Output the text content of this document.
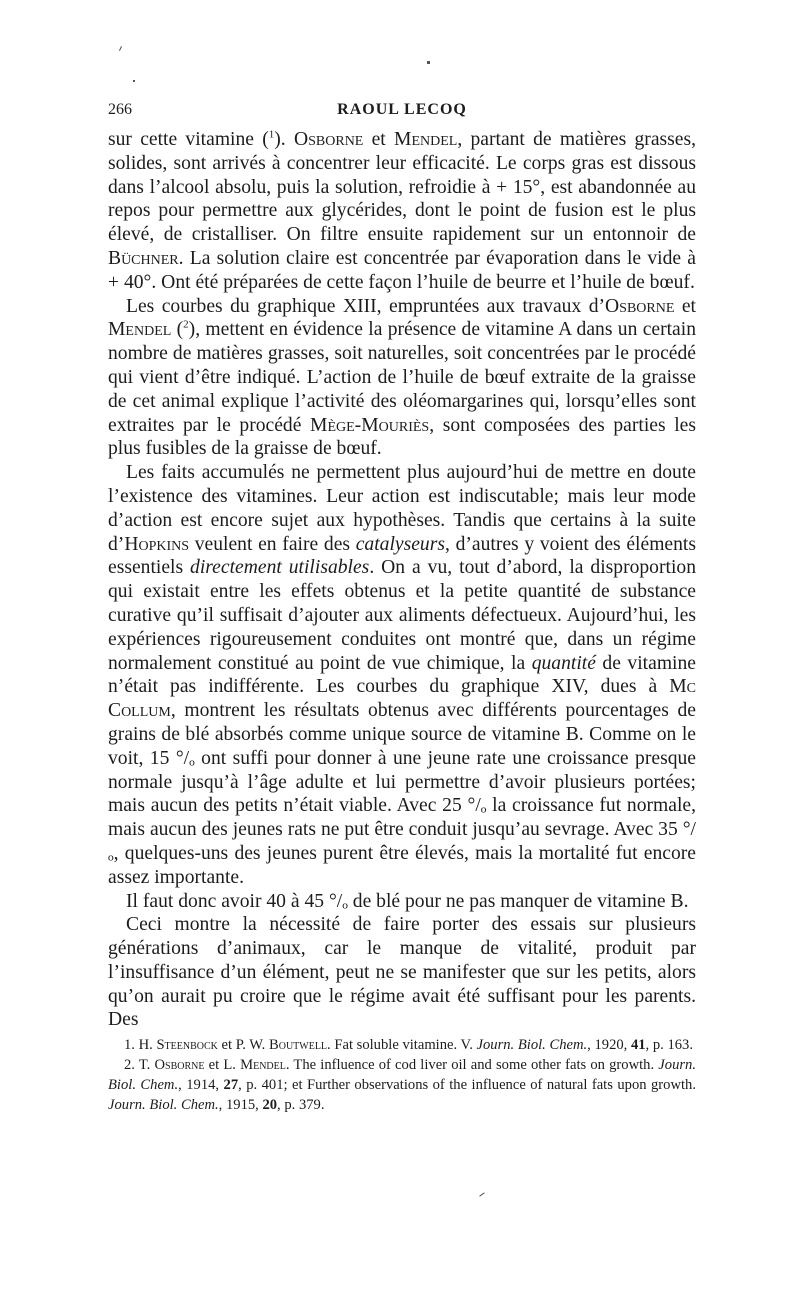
266	RAOUL LECOQ

sur cette vitamine ($^1$). Osborne et Mendel, partant de matières grasses, solides, sont arrivés à concentrer leur efficacité. Le corps gras est dissous dans l’alcool absolu, puis la solution, refroidie à + 15°, est abandonnée au repos pour permettre aux glycérides, dont le point de fusion est le plus élevé, de cristalliser. On filtre ensuite rapidement sur un entonnoir de Büchner. La solution claire est concentrée par évaporation dans le vide à + 40°. Ont été préparées de cette façon l’huile de beurre et l’huile de bœuf.

Les courbes du graphique XIII, empruntées aux travaux d’Osborne et Mendel ($^2$), mettent en évidence la présence de vitamine A dans un certain nombre de matières grasses, soit naturelles, soit concentrées par le procédé qui vient d’être indiqué. L’action de l’huile de bœuf extraite de la graisse de cet animal explique l’activité des oléomargarines qui, lorsqu’elles sont extraites par le procédé Mège-Mouriès, sont composées des parties les plus fusibles de la graisse de bœuf.

Les faits accumulés ne permettent plus aujourd’hui de mettre en doute l’existence des vitamines. Leur action est indiscutable; mais leur mode d’action est encore sujet aux hypothèses. Tandis que certains à la suite d’Hopkins veulent en faire des catalyseurs, d’autres y voient des éléments essentiels directement utilisables. On a vu, tout d’abord, la disproportion qui existait entre les effets obtenus et la petite quantité de substance curative qu’il suffisait d’ajouter aux aliments défectueux. Aujourd’hui, les expériences rigoureusement conduites ont montré que, dans un régime normalement constitué au point de vue chimique, la quantité de vitamine n’était pas indifférente. Les courbes du graphique XIV, dues à Mc Collum, montrent les résultats obtenus avec différents pourcentages de grains de blé absorbés comme unique source de vitamine B. Comme on le voit, 15 °/ₒ ont suffi pour donner à une jeune rate une croissance presque normale jusqu’à l’âge adulte et lui permettre d’avoir plusieurs portées; mais aucun des petits n’était viable. Avec 25 °/ₒ la croissance fut normale, mais aucun des jeunes rats ne put être conduit jusqu’au sevrage. Avec 35 °/ₒ, quelques-uns des jeunes purent être élevés, mais la mortalité fut encore assez importante.

Il faut donc avoir 40 à 45 °/ₒ de blé pour ne pas manquer de vitamine B.

Ceci montre la nécessité de faire porter des essais sur plusieurs générations d’animaux, car le manque de vitalité, produit par l’insuffisance d’un élément, peut ne se manifester que sur les petits, alors qu’on aurait pu croire que le régime avait été suffisant pour les parents. Des

1. H. Steenbock et P. W. Boutwell. Fat soluble vitamine. V. Journ. Biol. Chem., 1920, 41, p. 163.

2. T. Osborne et L. Mendel. The influence of cod liver oil and some other fats on growth. Journ. Biol. Chem., 1914, 27, p. 401; et Further observations of the influence of natural fats upon growth. Journ. Biol. Chem., 1915, 20, p. 379.
